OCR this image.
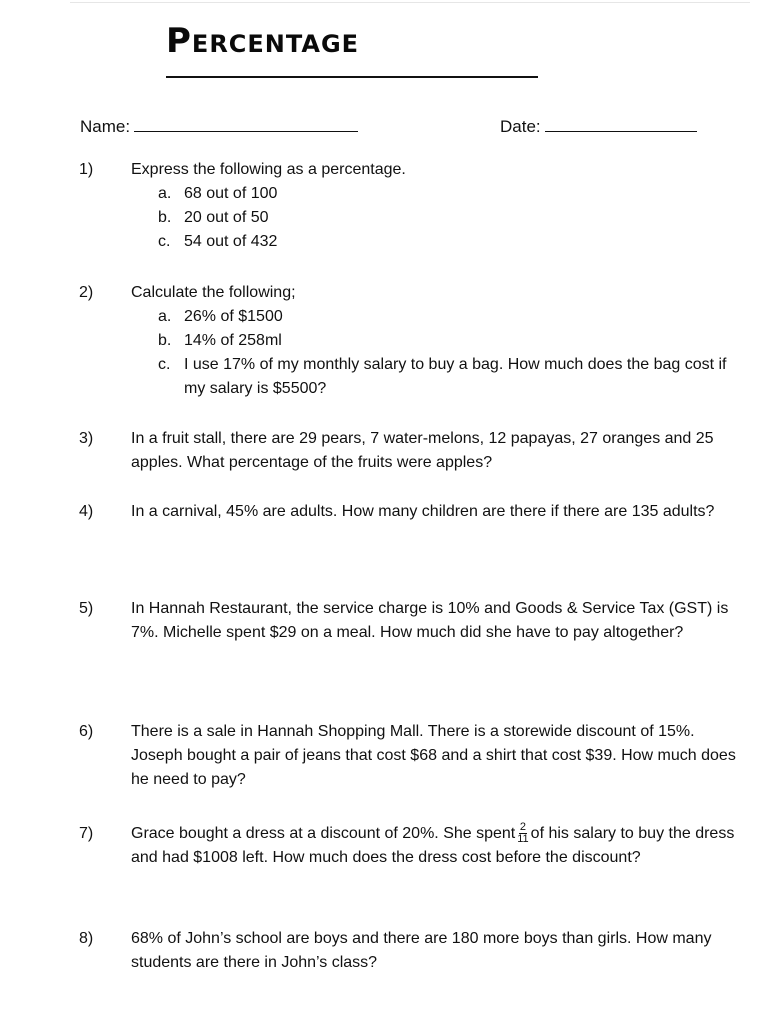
Percentage
Name:	Date:
1) Express the following as a percentage.
a. 68 out of 100
b. 20 out of 50
c. 54 out of 432
2) Calculate the following;
a. 26% of $1500
b. 14% of 258ml
c. I use 17% of my monthly salary to buy a bag. How much does the bag cost if my salary is $5500?
3) In a fruit stall, there are 29 pears, 7 water-melons, 12 papayas, 27 oranges and 25 apples. What percentage of the fruits were apples?
4) In a carnival, 45% are adults. How many children are there if there are 135 adults?
5) In Hannah Restaurant, the service charge is 10% and Goods & Service Tax (GST) is 7%. Michelle spent $29 on a meal. How much did she have to pay altogether?
6) There is a sale in Hannah Shopping Mall. There is a storewide discount of 15%. Joseph bought a pair of jeans that cost $68 and a shirt that cost $39. How much does he need to pay?
7) Grace bought a dress at a discount of 20%. She spent $\frac{2}{11}$ of his salary to buy the dress and had $1008 left. How much does the dress cost before the discount?
8) 68% of John’s school are boys and there are 180 more boys than girls. How many students are there in John’s class?
